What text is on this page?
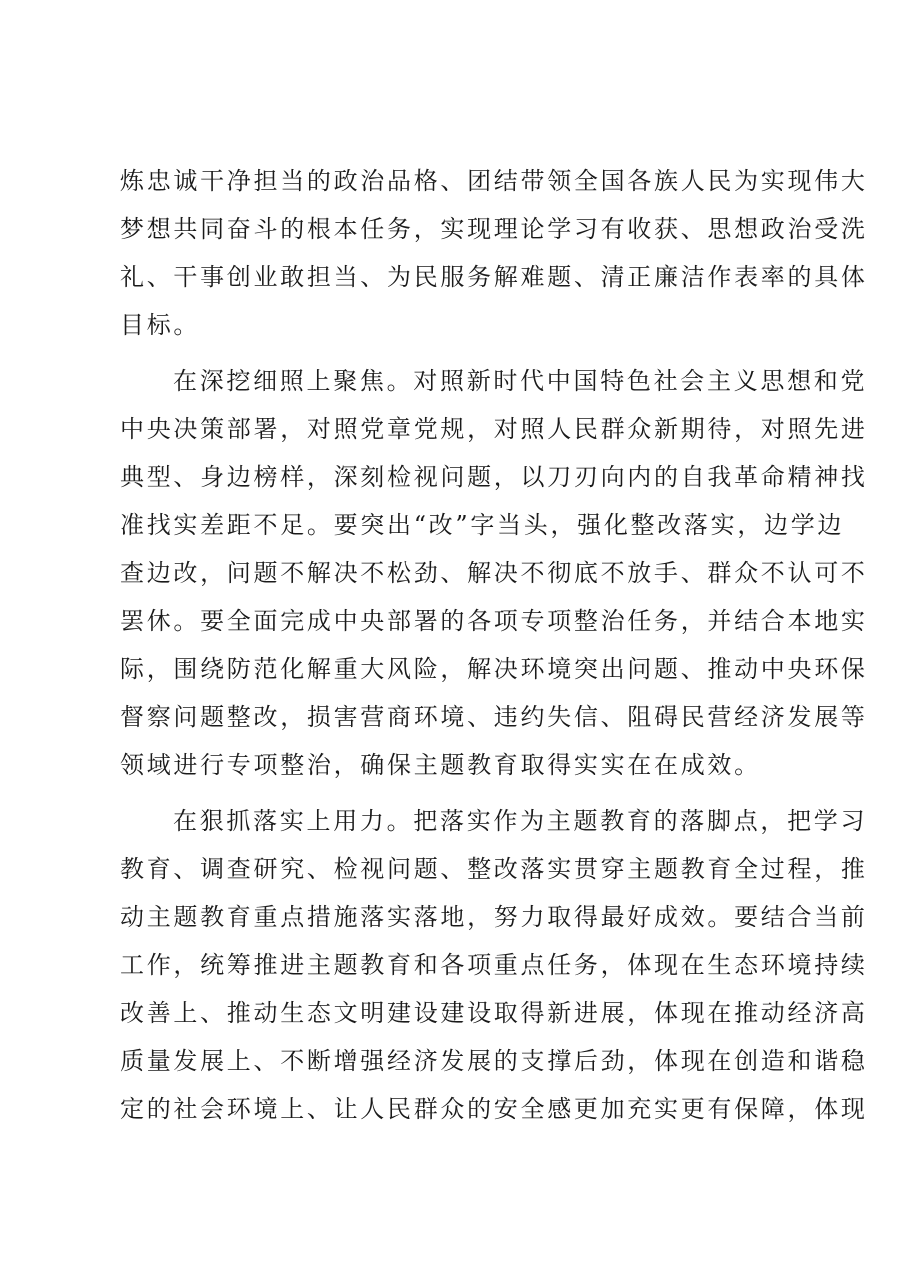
炼忠诚干净担当的政治品格、团结带领全国各族人民为实现伟大
梦想共同奋斗的根本任务，实现理论学习有收获、思想政治受洗
礼、干事创业敢担当、为民服务解难题、清正廉洁作表率的具体
目标。
在深挖细照上聚焦。对照新时代中国特色社会主义思想和党
中央决策部署，对照党章党规，对照人民群众新期待，对照先进
典型、身边榜样，深刻检视问题，以刀刃向内的自我革命精神找
准找实差距不足。要突出“改”字当头，强化整改落实，边学边
查边改，问题不解决不松劲、解决不彻底不放手、群众不认可不
罢休。要全面完成中央部署的各项专项整治任务，并结合本地实
际，围绕防范化解重大风险，解决环境突出问题、推动中央环保
督察问题整改，损害营商环境、违约失信、阻碍民营经济发展等
领域进行专项整治，确保主题教育取得实实在在成效。
在狠抓落实上用力。把落实作为主题教育的落脚点，把学习
教育、调查研究、检视问题、整改落实贯穿主题教育全过程，推
动主题教育重点措施落实落地，努力取得最好成效。要结合当前
工作，统筹推进主题教育和各项重点任务，体现在生态环境持续
改善上、推动生态文明建设建设取得新进展，体现在推动经济高
质量发展上、不断增强经济发展的支撑后劲，体现在创造和谐稳
定的社会环境上、让人民群众的安全感更加充实更有保障，体现
